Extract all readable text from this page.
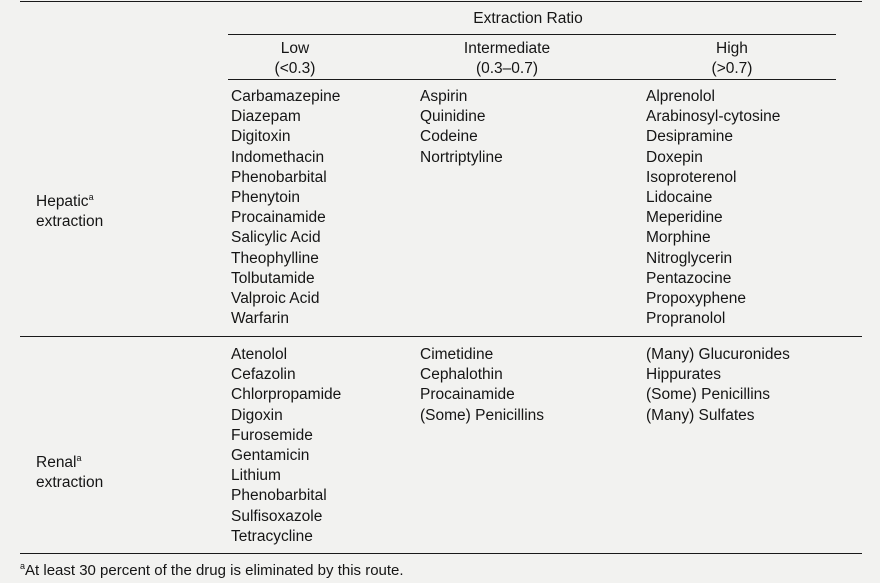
Extraction Ratio
Low
(<0.3)
Intermediate
(0.3–0.7)
High
(>0.7)
Hepatic$^a$
extraction
Carbamazepine
Diazepam
Digitoxin
Indomethacin
Phenobarbital
Phenytoin
Procainamide
Salicylic Acid
Theophylline
Tolbutamide
Valproic Acid
Warfarin
Aspirin
Quinidine
Codeine
Nortriptyline
Alprenolol
Arabinosyl-cytosine
Desipramine
Doxepin
Isoproterenol
Lidocaine
Meperidine
Morphine
Nitroglycerin
Pentazocine
Propoxyphene
Propranolol
Renal$^a$
extraction
Atenolol
Cefazolin
Chlorpropamide
Digoxin
Furosemide
Gentamicin
Lithium
Phenobarbital
Sulfisoxazole
Tetracycline
Cimetidine
Cephalothin
Procainamide
(Some) Penicillins
(Many) Glucuronides
Hippurates
(Some) Penicillins
(Many) Sulfates
$^a$At least 30 percent of the drug is eliminated by this route.
